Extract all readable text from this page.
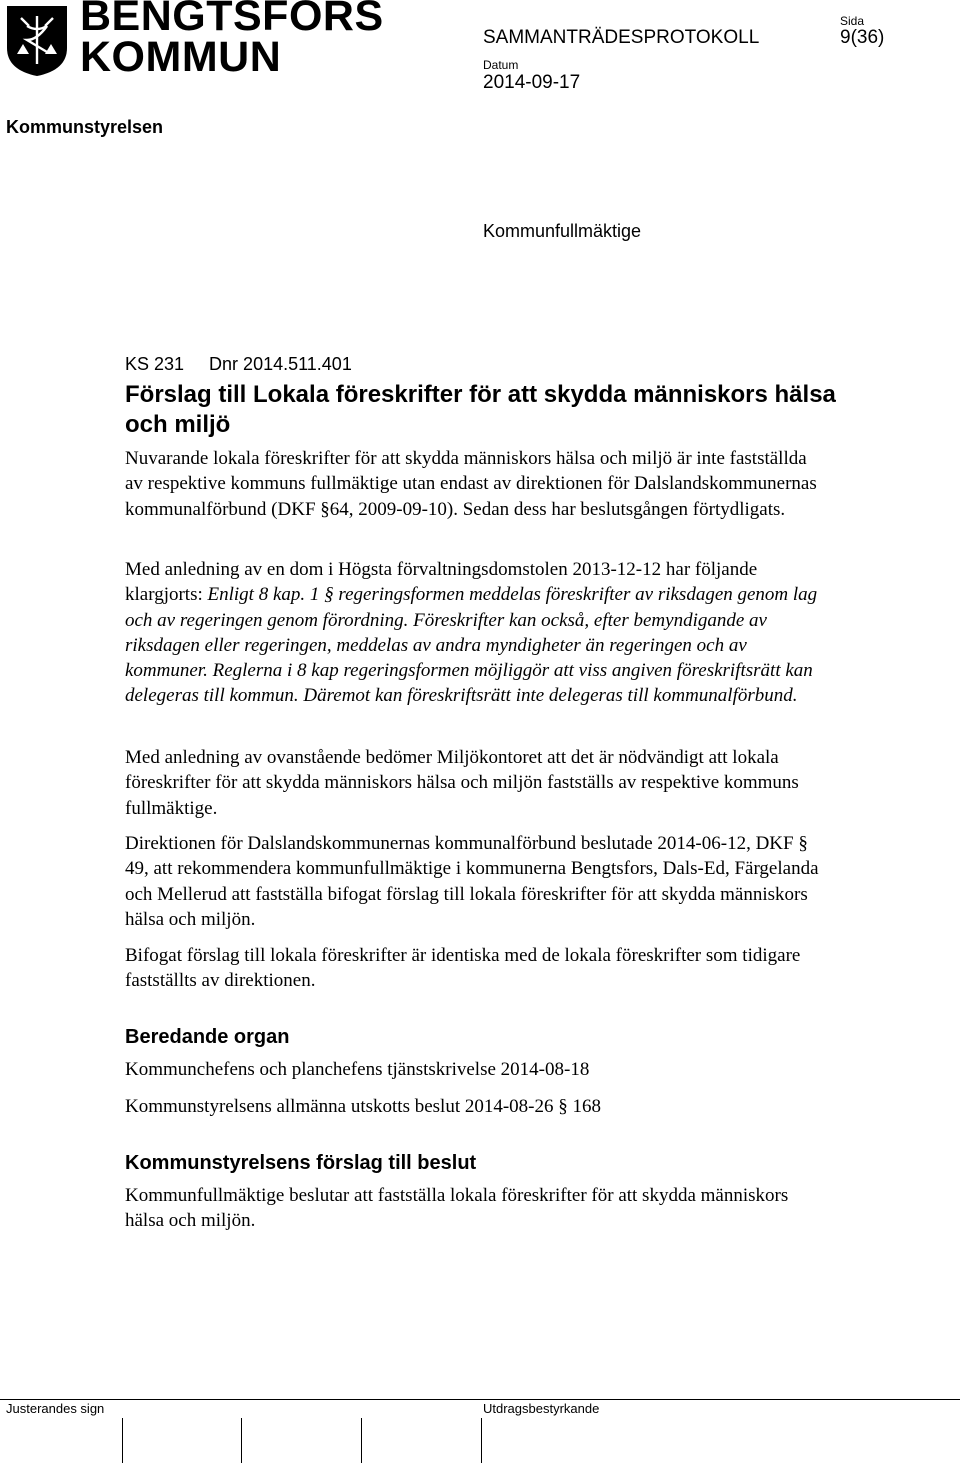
BENGTSFORS
KOMMUN	SAMMANTRÄDESPROTOKOLL
Sida
9(36)
Datum
2014-09-17
Kommunstyrelsen
Kommunfullmäktige
KS 231     Dnr 2014.511.401
Förslag till Lokala föreskrifter för att skydda människors hälsa och miljö
Nuvarande lokala föreskrifter för att skydda människors hälsa och miljö är inte fastställda av respektive kommuns fullmäktige utan endast av direktionen för Dalslandskommunernas kommunalförbund (DKF §64, 2009-09-10). Sedan dess har beslutsgången förtydligats.
Med anledning av en dom i Högsta förvaltningsdomstolen 2013-12-12 har följande klargjorts: Enligt 8 kap. 1 § regeringsformen meddelas föreskrifter av riksdagen genom lag och av regeringen genom förordning. Föreskrifter kan också, efter bemyndigande av riksdagen eller regeringen, meddelas av andra myndigheter än regeringen och av kommuner. Reglerna i 8 kap regeringsformen möjliggör att viss angiven föreskriftsrätt kan delegeras till kommun. Däremot kan föreskriftsrätt inte delegeras till kommunalförbund.
Med anledning av ovanstående bedömer Miljökontoret att det är nödvändigt att lokala föreskrifter för att skydda människors hälsa och miljön fastställs av respektive kommuns fullmäktige.
Direktionen för Dalslandskommunernas kommunalförbund beslutade 2014-06-12, DKF § 49, att rekommendera kommunfullmäktige i kommunerna Bengtsfors, Dals-Ed, Färgelanda och Mellerud att fastställa bifogat förslag till lokala föreskrifter för att skydda människors hälsa och miljön.
Bifogat förslag till lokala föreskrifter är identiska med de lokala föreskrifter som tidigare fastställts av direktionen.
Beredande organ
Kommunchefens och planchefens tjänstskrivelse 2014-08-18
Kommunstyrelsens allmänna utskotts beslut 2014-08-26 § 168
Kommunstyrelsens förslag till beslut
Kommunfullmäktige beslutar att fastställa lokala föreskrifter för att skydda människors hälsa och miljön.
Justerandes sign	Utdragsbestyrkande
